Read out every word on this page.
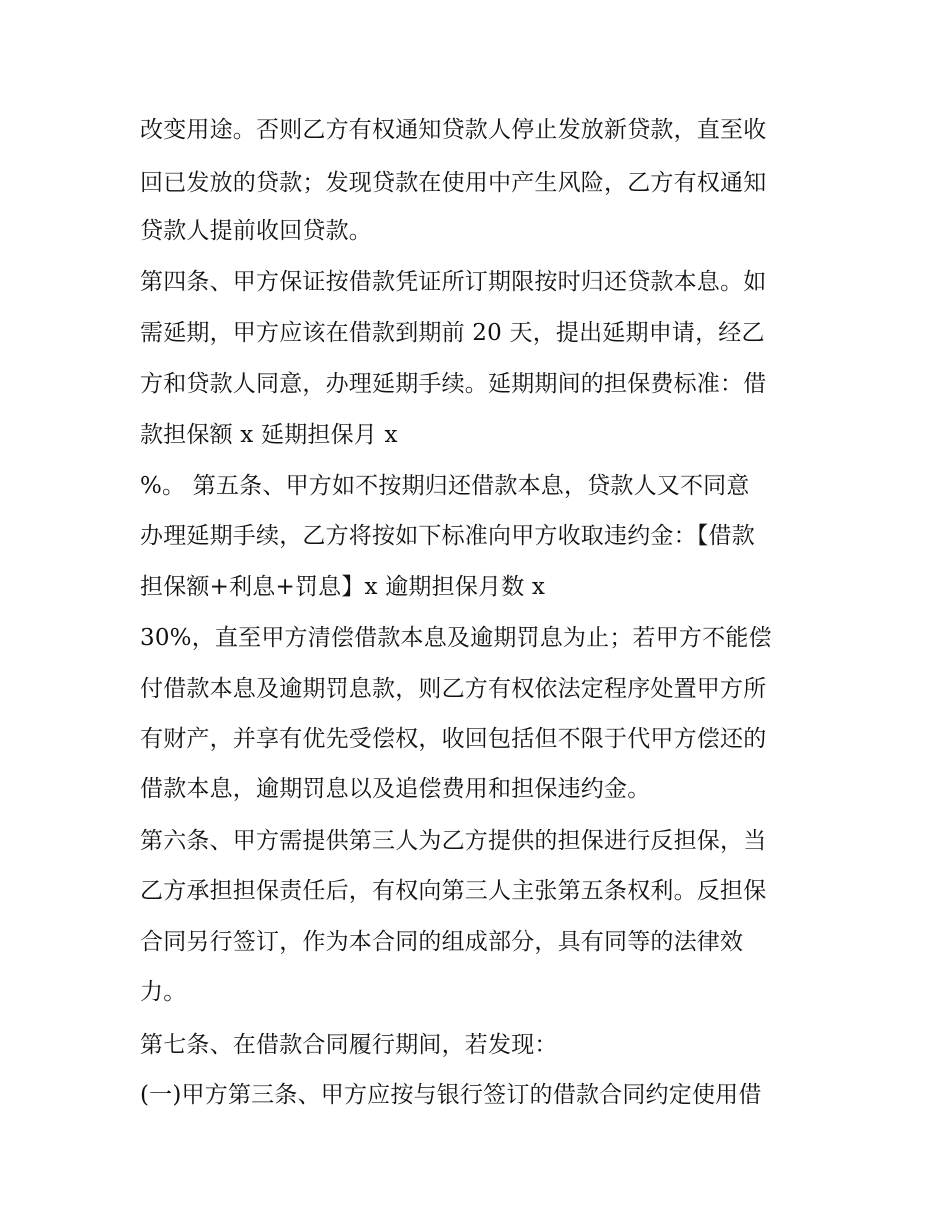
改变用途。否则乙方有权通知贷款人停止发放新贷款，直至收
回已发放的贷款；发现贷款在使用中产生风险，乙方有权通知
贷款人提前收回贷款。
第四条、甲方保证按借款凭证所订期限按时归还贷款本息。如
需延期，甲方应该在借款到期前 20 天，提出延期申请，经乙
方和贷款人同意，办理延期手续。延期期间的担保费标准：借
款担保额 x 延期担保月 x
%。 第五条、甲方如不按期归还借款本息，贷款人又不同意
办理延期手续，乙方将按如下标准向甲方收取违约金：【借款
担保额+利息+罚息】x 逾期担保月数 x
30%，直至甲方清偿借款本息及逾期罚息为止；若甲方不能偿
付借款本息及逾期罚息款，则乙方有权依法定程序处置甲方所
有财产，并享有优先受偿权，收回包括但不限于代甲方偿还的
借款本息，逾期罚息以及追偿费用和担保违约金。
第六条、甲方需提供第三人为乙方提供的担保进行反担保，当
乙方承担担保责任后，有权向第三人主张第五条权利。反担保
合同另行签订，作为本合同的组成部分，具有同等的法律效
力。
第七条、在借款合同履行期间，若发现：
(一)甲方第三条、甲方应按与银行签订的借款合同约定使用借
